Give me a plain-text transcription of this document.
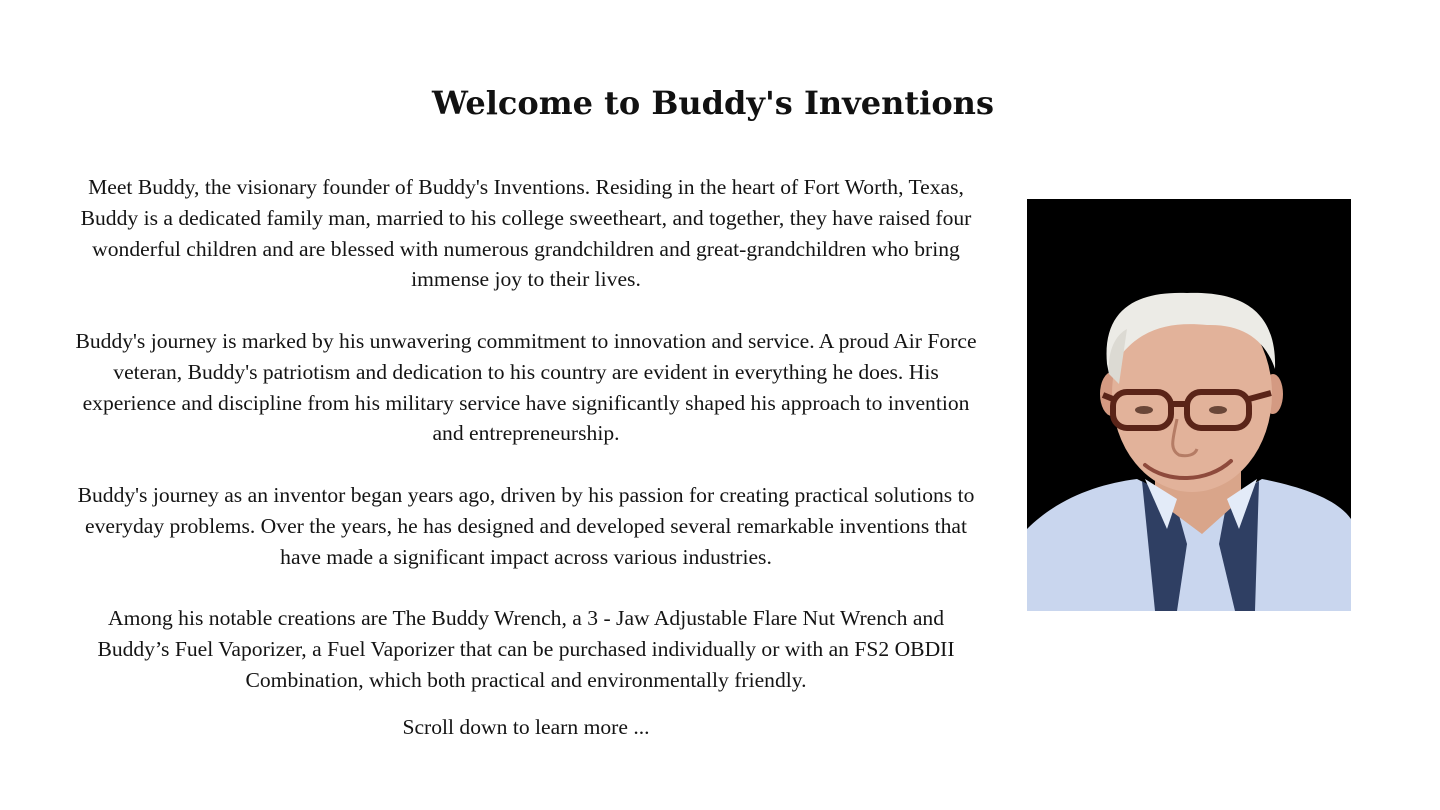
Welcome to Buddy's Inventions

Meet Buddy, the visionary founder of Buddy's Inventions. Residing in the heart of Fort Worth, Texas, Buddy is a dedicated family man, married to his college sweetheart, and together, they have raised four wonderful children and are blessed with numerous grandchildren and great-grandchildren who bring immense joy to their lives.

Buddy's journey is marked by his unwavering commitment to innovation and service. A proud Air Force veteran, Buddy's patriotism and dedication to his country are evident in everything he does. His experience and discipline from his military service have significantly shaped his approach to invention and entrepreneurship.

Buddy's journey as an inventor began years ago, driven by his passion for creating practical solutions to everyday problems. Over the years, he has designed and developed several remarkable inventions that have made a significant impact across various industries.

Among his notable creations are The Buddy Wrench, a 3 - Jaw Adjustable Flare Nut Wrench and Buddy’s Fuel Vaporizer, a Fuel Vaporizer that can be purchased individually or with an FS2 OBDII Combination, which both practical and environmentally friendly.

Scroll down to learn more ...
